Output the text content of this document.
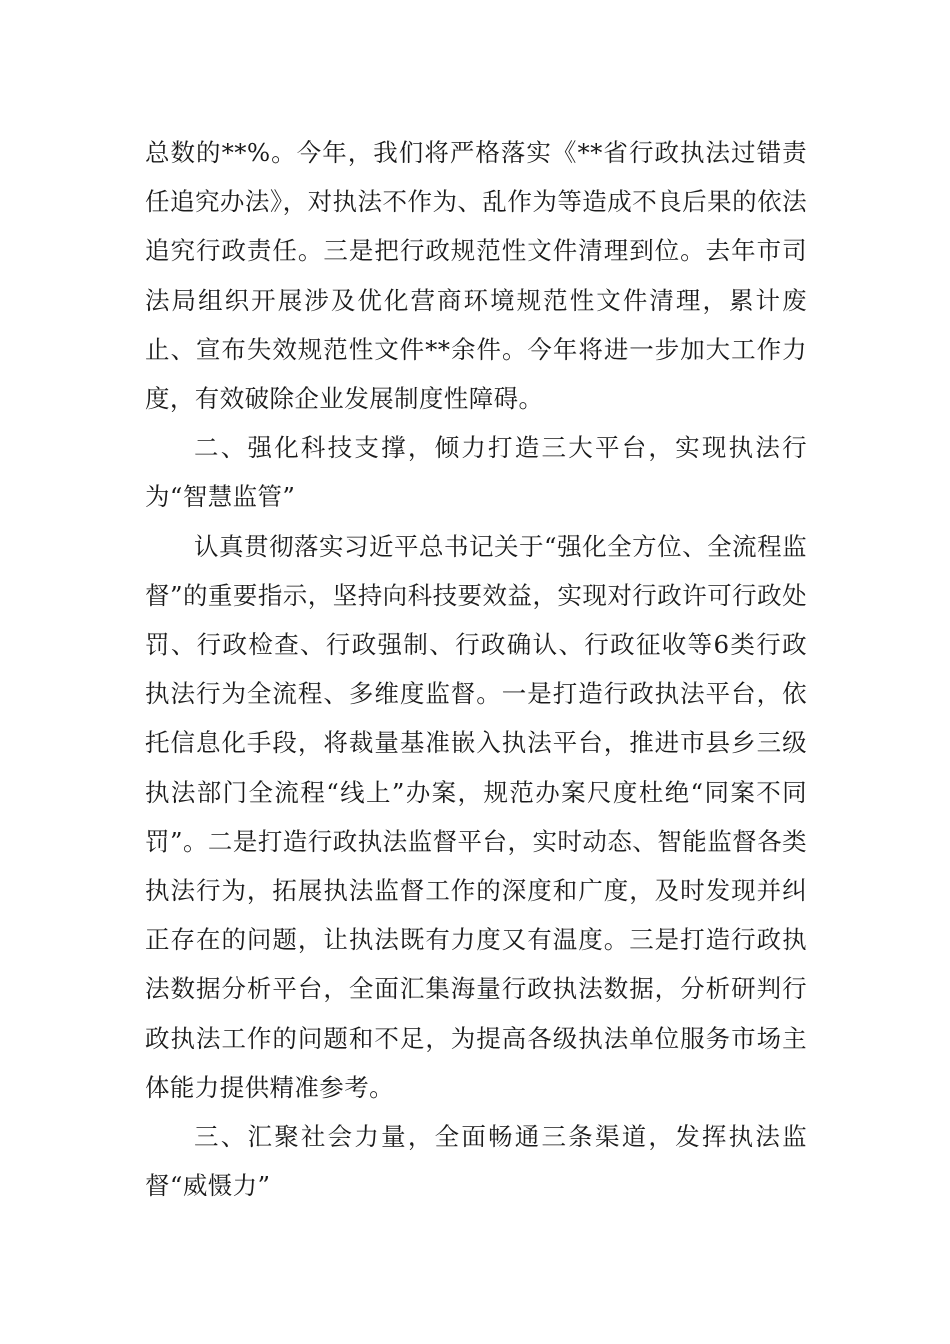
总数的**%。今年，我们将严格落实《**省行政执法过错责任追究办法》，对执法不作为、乱作为等造成不良后果的依法追究行政责任。三是把行政规范性文件清理到位。去年市司法局组织开展涉及优化营商环境规范性文件清理，累计废止、宣布失效规范性文件**余件。今年将进一步加大工作力度，有效破除企业发展制度性障碍。

二、强化科技支撑，倾力打造三大平台，实现执法行为“智慧监管”

认真贯彻落实习近平总书记关于“强化全方位、全流程监督”的重要指示，坚持向科技要效益，实现对行政许可行政处罚、行政检查、行政强制、行政确认、行政征收等6类行政执法行为全流程、多维度监督。一是打造行政执法平台，依托信息化手段，将裁量基准嵌入执法平台，推进市县乡三级执法部门全流程“线上”办案，规范办案尺度杜绝“同案不同罚”。二是打造行政执法监督平台，实时动态、智能监督各类执法行为，拓展执法监督工作的深度和广度，及时发现并纠正存在的问题，让执法既有力度又有温度。三是打造行政执法数据分析平台，全面汇集海量行政执法数据，分析研判行政执法工作的问题和不足，为提高各级执法单位服务市场主体能力提供精准参考。

三、汇聚社会力量，全面畅通三条渠道，发挥执法监督“威慑力”
